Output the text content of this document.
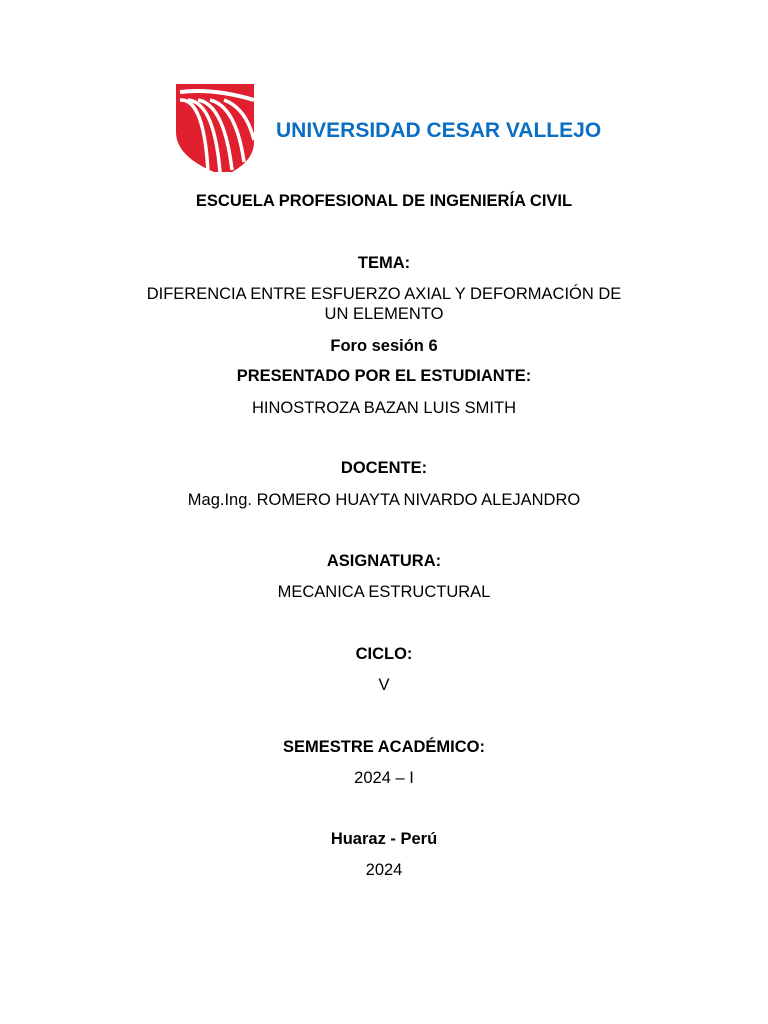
UNIVERSIDAD CESAR VALLEJO
ESCUELA PROFESIONAL DE INGENIERÍA CIVIL
TEMA:
DIFERENCIA ENTRE ESFUERZO AXIAL Y DEFORMACIÓN DE
UN ELEMENTO
Foro sesión 6
PRESENTADO POR EL ESTUDIANTE:
HINOSTROZA BAZAN LUIS SMITH
DOCENTE:
Mag.Ing. ROMERO HUAYTA NIVARDO ALEJANDRO
ASIGNATURA:
MECANICA ESTRUCTURAL
CICLO:
V
SEMESTRE ACADÉMICO:
2024 – I
Huaraz - Perú
2024
